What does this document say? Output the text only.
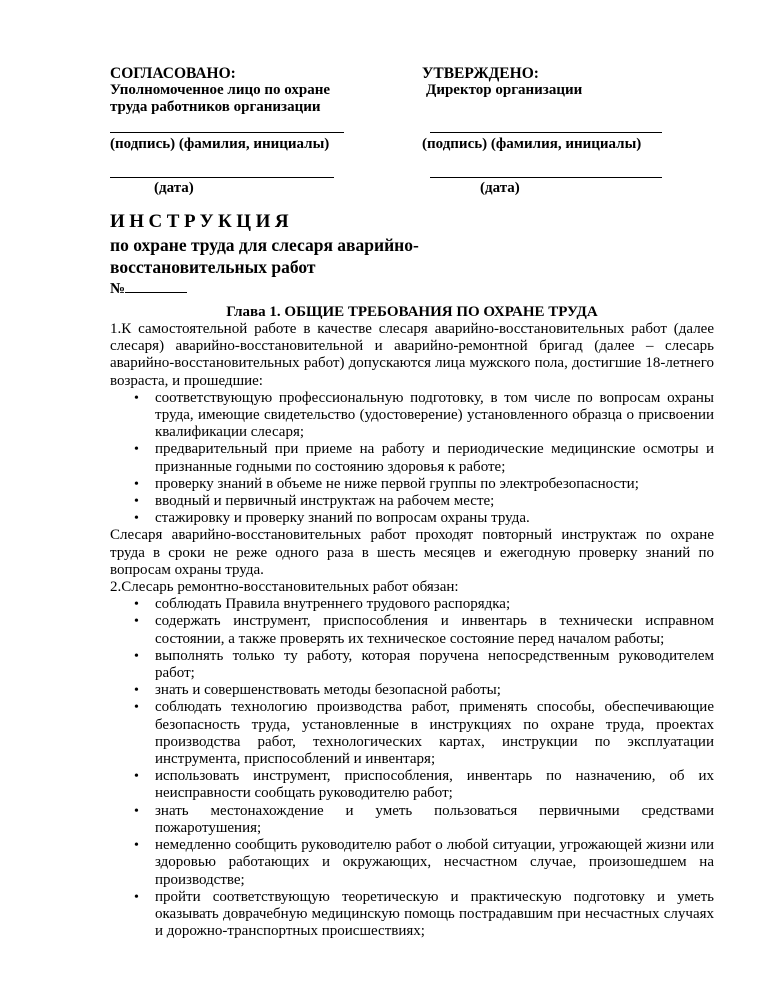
СОГЛАСОВАНО:
Уполномоченное лицо по охране
труда работников организации
(подпись) (фамилия, инициалы)
(дата)
УТВЕРЖДЕНО:
Директор организации
(подпись) (фамилия, инициалы)
(дата)
ИНСТРУКЦИЯ
по охране труда для слесаря аварийно-
восстановительных работ
№
Глава 1. ОБЩИЕ ТРЕБОВАНИЯ ПО ОХРАНЕ ТРУДА

1.К самостоятельной работе в качестве слесаря аварийно-восстановительных работ (далее слесаря) аварийно-восстановительной и аварийно-ремонтной бригад (далее – слесарь аварийно-восстановительных работ) допускаются лица мужского пола, достигшие 18-летнего возраста, и прошедшие:

• соответствующую профессиональную подготовку, в том числе по вопросам охраны труда, имеющие свидетельство (удостоверение) установленного образца о присвоении квалификации слесаря;
• предварительный при приеме на работу и периодические медицинские осмотры и признанные годными по состоянию здоровья к работе;
• проверку знаний в объеме не ниже первой группы по электробезопасности;
• вводный и первичный инструктаж на рабочем месте;
• стажировку и проверку знаний по вопросам охраны труда.

Слесаря аварийно-восстановительных работ проходят повторный инструктаж по охране труда в сроки не реже одного раза в шесть месяцев и ежегодную проверку знаний по вопросам охраны труда.

2.Слесарь ремонтно-восстановительных работ обязан:

• соблюдать Правила внутреннего трудового распорядка;
• содержать инструмент, приспособления и инвентарь в технически исправном состоянии, а также проверять их техническое состояние перед началом работы;
• выполнять только ту работу, которая поручена непосредственным руководителем работ;
• знать и совершенствовать методы безопасной работы;
• соблюдать технологию производства работ, применять способы, обеспечивающие безопасность труда, установленные в инструкциях по охране труда, проектах производства работ, технологических картах, инструкции по эксплуатации инструмента, приспособлений и инвентаря;
• использовать инструмент, приспособления, инвентарь по назначению, об их неисправности сообщать руководителю работ;
• знать местонахождение и уметь пользоваться первичными средствами пожаротушения;
• немедленно сообщить руководителю работ о любой ситуации, угрожающей жизни или здоровью работающих и окружающих, несчастном случае, произошедшем на производстве;
• пройти соответствующую теоретическую и практическую подготовку и уметь оказывать доврачебную медицинскую помощь пострадавшим при несчастных случаях и дорожно-транспортных происшествиях;
